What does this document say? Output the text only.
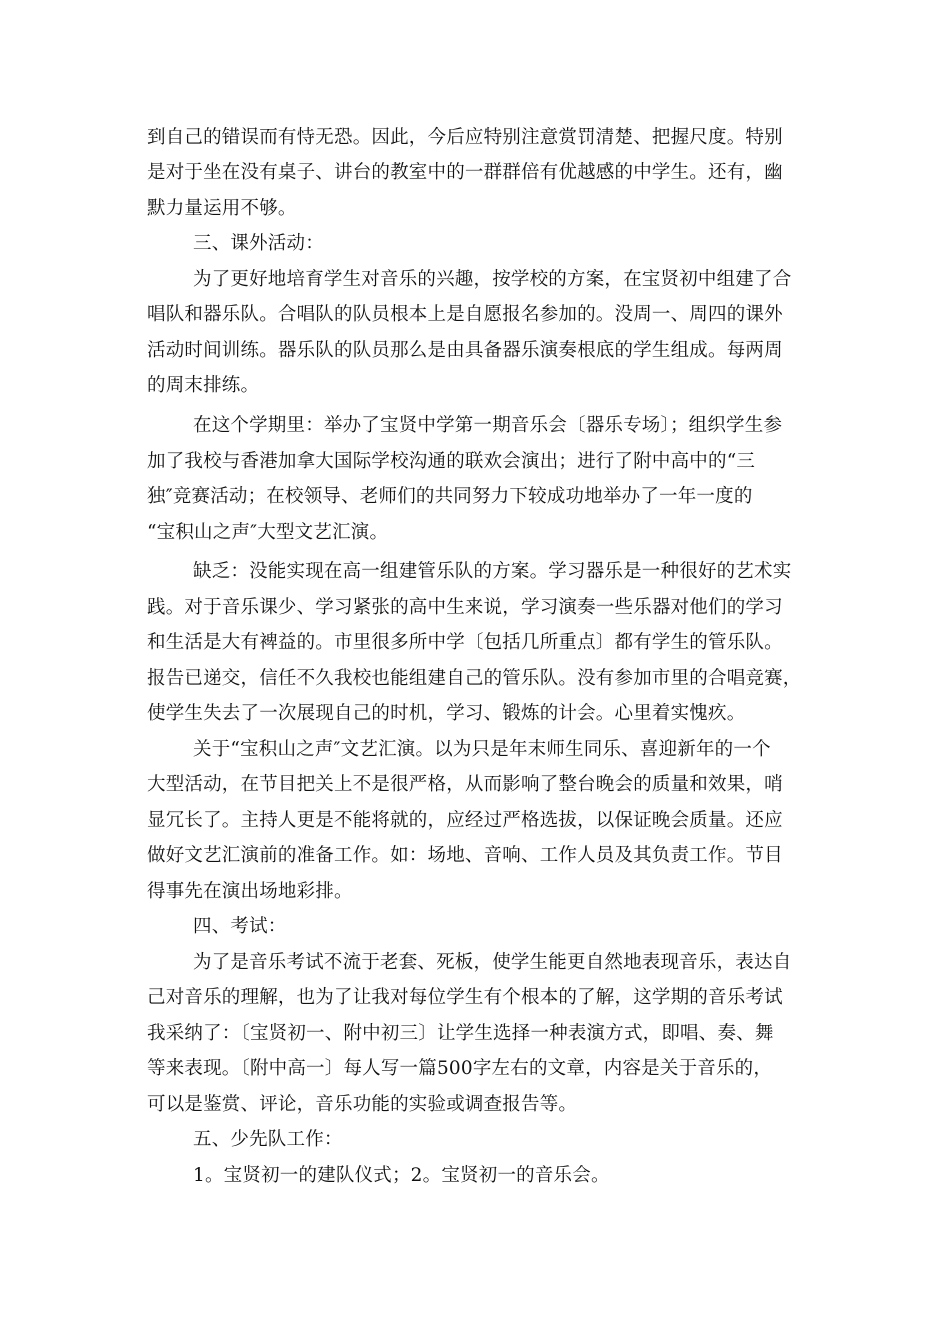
到自己的错误而有恃无恐。因此，今后应特别注意赏罚清楚、把握尺度。特别
是对于坐在没有桌子、讲台的教室中的一群群倍有优越感的中学生。还有，幽
默力量运用不够。
三、课外活动：
为了更好地培育学生对音乐的兴趣，按学校的方案，在宝贤初中组建了合
唱队和器乐队。合唱队的队员根本上是自愿报名参加的。没周一、周四的课外
活动时间训练。器乐队的队员那么是由具备器乐演奏根底的学生组成。每两周
的周末排练。
在这个学期里：举办了宝贤中学第一期音乐会〔器乐专场〕；组织学生参
加了我校与香港加拿大国际学校沟通的联欢会演出；进行了附中高中的“三
独″竞赛活动；在校领导、老师们的共同努力下较成功地举办了一年一度的
“宝积山之声″大型文艺汇演。
缺乏：没能实现在高一组建管乐队的方案。学习器乐是一种很好的艺术实
践。对于音乐课少、学习紧张的高中生来说，学习演奏一些乐器对他们的学习
和生活是大有裨益的。市里很多所中学〔包括几所重点〕都有学生的管乐队。
报告已递交，信任不久我校也能组建自己的管乐队。没有参加市里的合唱竞赛，
使学生失去了一次展现自己的时机，学习、锻炼的计会。心里着实愧疚。
关于“宝积山之声″文艺汇演。以为只是年末师生同乐、喜迎新年的一个
大型活动，在节目把关上不是很严格，从而影响了整台晚会的质量和效果，哨
显冗长了。主持人更是不能将就的，应经过严格选拔，以保证晚会质量。还应
做好文艺汇演前的准备工作。如：场地、音响、工作人员及其负责工作。节目
得事先在演出场地彩排。
四、考试：
为了是音乐考试不流于老套、死板，使学生能更自然地表现音乐，表达自
己对音乐的理解，也为了让我对每位学生有个根本的了解，这学期的音乐考试
我采纳了：〔宝贤初一、附中初三〕让学生选择一种表演方式，即唱、奏、舞
等来表现。〔附中高一〕每人写一篇500字左右的文章，内容是关于音乐的，
可以是鉴赏、评论，音乐功能的实验或调查报告等。
五、少先队工作：
1。宝贤初一的建队仪式；2。宝贤初一的音乐会。
